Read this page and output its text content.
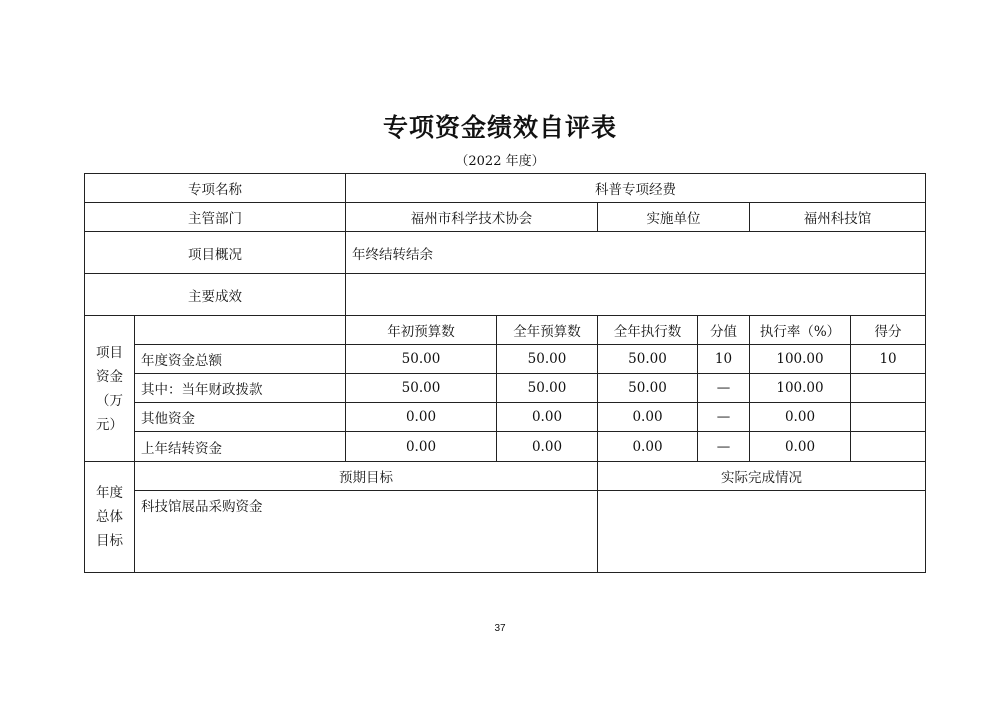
专项资金绩效自评表
（2022 年度）
专项名称		科普专项经费					
主管部门		福州市科学技术协会		实施单位		福州科技馆	
项目概况		年终结转结余					
主要成效							

项目
资金
（万
元）		年初预算数	全年预算数	全年执行数	分值	执行率（%）	得分
	年度资金总额	50.00	50.00	50.00	10	100.00	10
	其中：当年财政拨款	50.00	50.00	50.00	—	100.00	
	其他资金	0.00	0.00	0.00	—	0.00	
	上年结转资金	0.00	0.00	0.00	—	0.00	

年度
总体
目标	预期目标			实际完成情况			
	科技馆展品采购资金						
37
